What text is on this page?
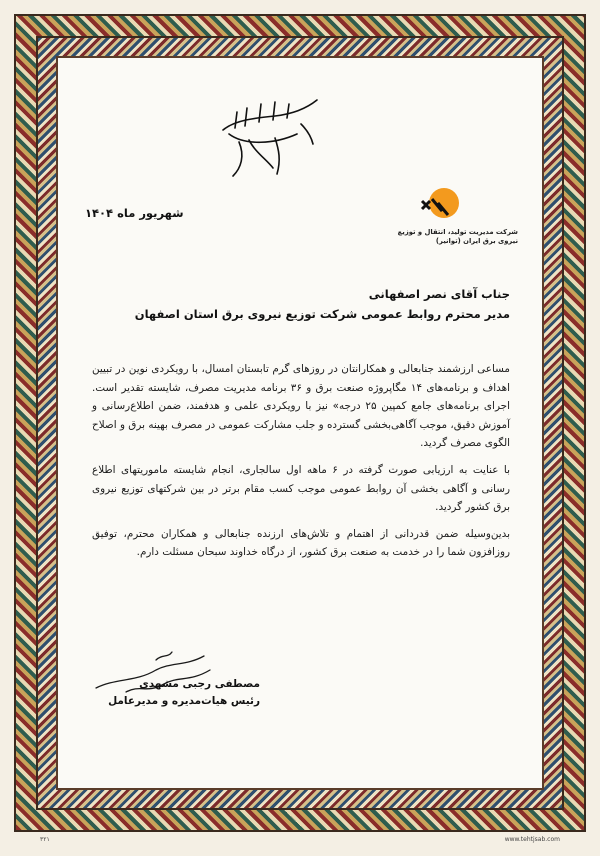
شرکت مدیریت تولید، انتقال و توزیع
نیروی برق ایران (توانیر)
شهریور ماه ۱۴۰۴
جناب آقای نصر اصفهانی
مدیر محترم روابط عمومی شرکت توزیع نیروی برق استان اصفهان

مساعی ارزشمند جنابعالی و همکارانتان در روزهای گرم تابستان امسال، با رویکردی نوین در تبیین اهداف و برنامه‌های ۱۴ مگاپروژه صنعت برق و ۳۶ برنامه مدیریت مصرف، شایسته تقدیر است. اجرای برنامه‌های جامع کمپین ۲۵ درجه» نیز با رویکردی علمی و هدفمند، ضمن اطلاع‌رسانی و آموزش دقیق، موجب آگاهی‌بخشی گسترده و جلب مشارکت عمومی در مصرف بهینه برق و اصلاح الگوی مصرف گردید.

با عنایت به ارزیابی صورت گرفته در ۶ ماهه اول سالجاری، انجام شایسته ماموریتهای اطلاع رسانی و آگاهی بخشی آن روابط عمومی موجب کسب مقام برتر در بین شرکتهای توزیع نیروی برق کشور گردید.

بدین‌وسیله ضمن قدردانی از اهتمام و تلاش‌های ارزنده جنابعالی و همکاران محترم، توفیق روزافزون شما را در خدمت به صنعت برق کشور، از درگاه خداوند سبحان مسئلت دارم.

مصطفی رجبی مشهدی
رئیس هیات‌مدیره و مدیرعامل
۳۲۱	www.tehtjsab.com
